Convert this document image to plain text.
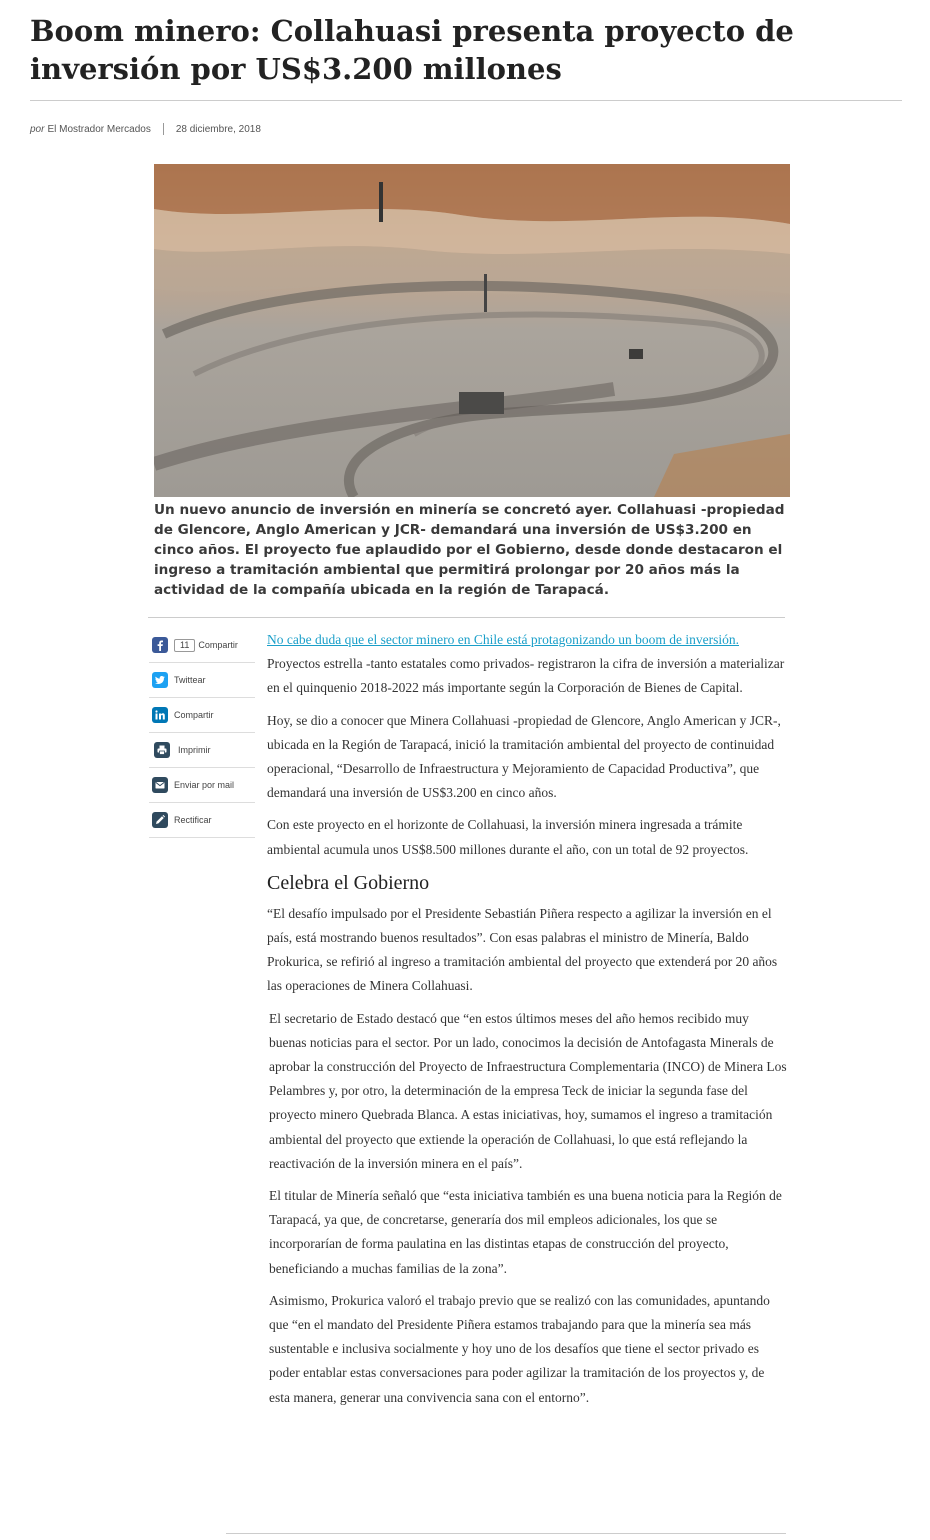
Boom minero: Collahuasi presenta proyecto de inversión por US$3.200 millones
por El Mostrador Mercados	28 diciembre, 2018

Un nuevo anuncio de inversión en minería se concretó ayer. Collahuasi -propiedad de Glencore, Anglo American y JCR- demandará una inversión de US$3.200 en cinco años. El proyecto fue aplaudido por el Gobierno, desde donde destacaron el ingreso a tramitación ambiental que permitirá prolongar por 20 años más la actividad de la compañía ubicada en la región de Tarapacá.

11	Compartir
Twittear
Compartir
Imprimir
Enviar por mail
Rectificar

No cabe duda que el sector minero en Chile está protagonizando un boom de inversión. Proyectos estrella -tanto estatales como privados- registraron la cifra de inversión a materializar en el quinquenio 2018-2022 más importante según la Corporación de Bienes de Capital.

Hoy, se dio a conocer que Minera Collahuasi -propiedad de Glencore, Anglo American y JCR-, ubicada en la Región de Tarapacá, inició la tramitación ambiental del proyecto de continuidad operacional, “Desarrollo de Infraestructura y Mejoramiento de Capacidad Productiva”, que demandará una inversión de US$3.200 en cinco años.

Con este proyecto en el horizonte de Collahuasi, la inversión minera ingresada a trámite ambiental acumula unos US$8.500 millones durante el año, con un total de 92 proyectos.

Celebra el Gobierno

“El desafío impulsado por el Presidente Sebastián Piñera respecto a agilizar la inversión en el país, está mostrando buenos resultados”. Con esas palabras el ministro de Minería, Baldo Prokurica, se refirió al ingreso a tramitación ambiental del proyecto que extenderá por 20 años las operaciones de Minera Collahuasi.

El secretario de Estado destacó que “en estos últimos meses del año hemos recibido muy buenas noticias para el sector. Por un lado, conocimos la decisión de Antofagasta Minerals de aprobar la construcción del Proyecto de Infraestructura Complementaria (INCO) de Minera Los Pelambres y, por otro, la determinación de la empresa Teck de iniciar la segunda fase del proyecto minero Quebrada Blanca. A estas iniciativas, hoy, sumamos el ingreso a tramitación ambiental del proyecto que extiende la operación de Collahuasi, lo que está reflejando la reactivación de la inversión minera en el país”.

El titular de Minería señaló que “esta iniciativa también es una buena noticia para la Región de Tarapacá, ya que, de concretarse, generaría dos mil empleos adicionales, los que se incorporarían de forma paulatina en las distintas etapas de construcción del proyecto, beneficiando a muchas familias de la zona”.

Asimismo, Prokurica valoró el trabajo previo que se realizó con las comunidades, apuntando que “en el mandato del Presidente Piñera estamos trabajando para que la minería sea más sustentable e inclusiva socialmente y hoy uno de los desafíos que tiene el sector privado es poder entablar estas conversaciones para poder agilizar la tramitación de los proyectos y, de esta manera, generar una convivencia sana con el entorno”.
